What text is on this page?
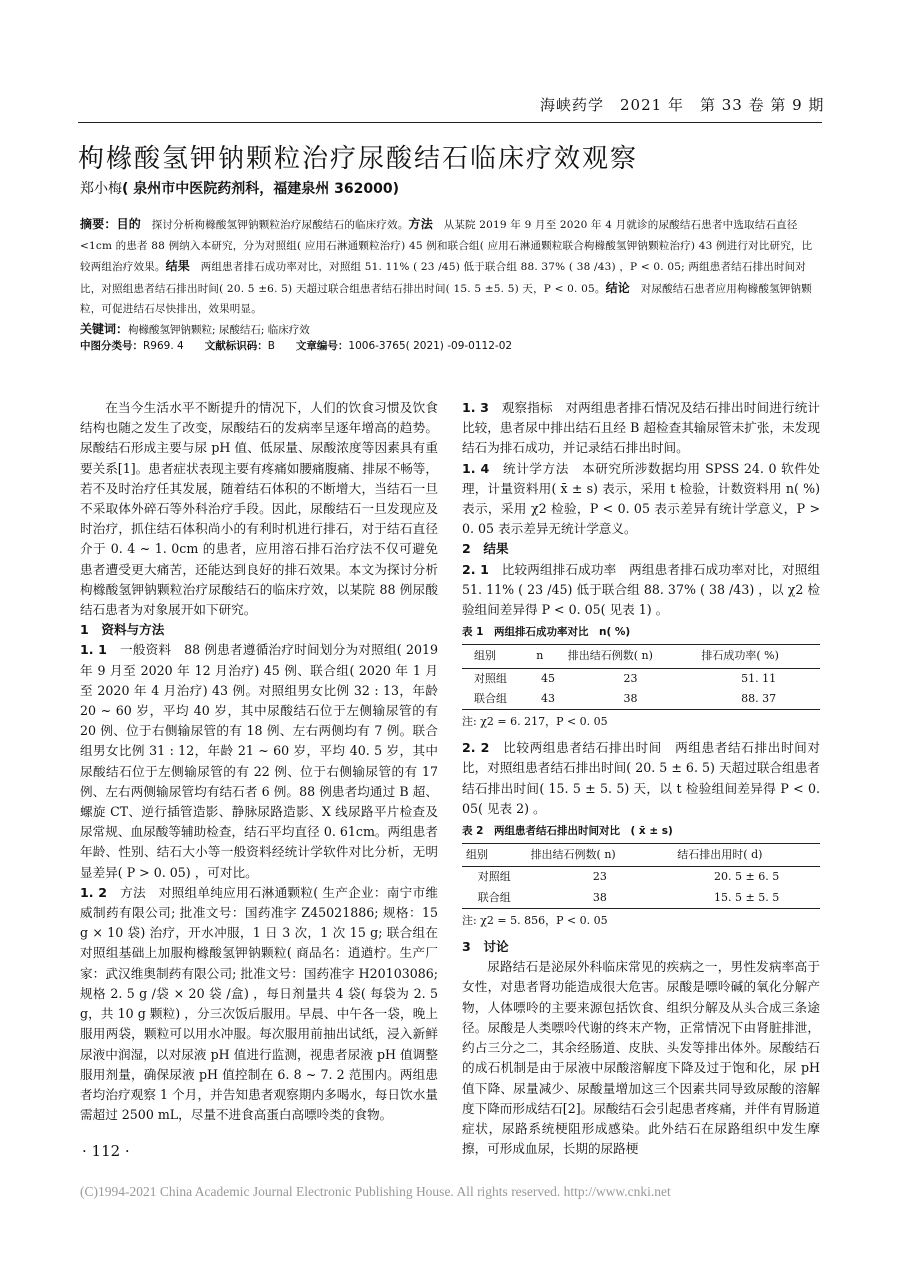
海峡药学　2021 年　第 33 卷 第 9 期
枸橼酸氢钾钠颗粒治疗尿酸结石临床疗效观察
郑小梅( 泉州市中医院药剂科，福建泉州 362000)
摘要：目的　 探讨分析枸橼酸氢钾钠颗粒治疗尿酸结石的临床疗效。方法　 从某院 2019 年 9 月至 2020 年 4 月就诊的尿酸结石患者中选取结石直径 <1cm 的患者 88 例纳入本研究，分为对照组( 应用石淋通颗粒治疗) 45 例和联合组( 应用石淋通颗粒联合枸橼酸氢钾钠颗粒治疗) 43 例进行对比研究，比较两组治疗效果。结果　 两组患者排石成功率对比，对照组 51. 11% ( 23 /45) 低于联合组 88. 37% ( 38 /43) ，P < 0. 05; 两组患者结石排出时间对比，对照组患者结石排出时间( 20. 5 ±6. 5) 天超过联合组患者结石排出时间( 15. 5 ±5. 5) 天，P < 0. 05。结论　 对尿酸结石患者应用枸橼酸氢钾钠颗粒，可促进结石尽快排出，效果明显。
关键词：枸橼酸氢钾钠颗粒; 尿酸结石; 临床疗效
中图分类号：R969. 4　　 文献标识码：B　　 文章编号：1006-3765( 2021) -09-0112-02

在当今生活水平不断提升的情况下，人们的饮食习惯及饮食结构也随之发生了改变，尿酸结石的发病率呈逐年增高的趋势。尿酸结石形成主要与尿 pH 值、低尿量、尿酸浓度等因素具有重要关系[1]。患者症状表现主要有疼痛如腰痛腹痛、排尿不畅等，若不及时治疗任其发展，随着结石体积的不断增大，当结石一旦不采取体外碎石等外科治疗手段。因此，尿酸结石一旦发现应及时治疗，抓住结石体积尚小的有利时机进行排石，对于结石直径介于 0. 4 ~ 1. 0cm 的患者，应用溶石排石治疗法不仅可避免患者遭受更大痛苦，还能达到良好的排石效果。本文为探讨分析枸橼酸氢钾钠颗粒治疗尿酸结石的临床疗效，以某院 88 例尿酸结石患者为对象展开如下研究。

1　资料与方法

1. 1　 一般资料　 88 例患者遵循治疗时间划分为对照组( 2019 年 9 月至 2020 年 12 月治疗) 45 例、联合组( 2020 年 1 月至 2020 年 4 月治疗) 43 例。对照组男女比例 32 : 13，年龄 20 ~ 60 岁，平均 40 岁，其中尿酸结石位于左侧输尿管的有 20 例、位于右侧输尿管的有 18 例、左右两侧均有 7 例。联合组男女比例 31 : 12，年龄 21 ~ 60 岁，平均 40. 5 岁，其中尿酸结石位于左侧输尿管的有 22 例、位于右侧输尿管的有 17 例、左右两侧输尿管均有结石者 6 例。88 例患者均通过 B 超、螺旋 CT、逆行插管造影、静脉尿路造影、X 线尿路平片检查及尿常规、血尿酸等辅助检查，结石平均直径 0. 61cm。两组患者年龄、性别、结石大小等一般资料经统计学软件对比分析，无明显差异( P > 0. 05) ，可对比。

1. 2　 方法　 对照组单纯应用石淋通颗粒( 生产企业：南宁市维威制药有限公司; 批准文号：国药准字 Z45021886; 规格：15 g × 10 袋) 治疗，开水冲服，1 日 3 次，1 次 15 g; 联合组在对照组基础上加服枸橼酸氢钾钠颗粒( 商品名：逍遒柠。生产厂家：武汉维奥制药有限公司; 批准文号：国药准字 H20103086; 规格 2. 5 g /袋 × 20 袋 /盒) ，每日剂量共 4 袋( 每袋为 2. 5 g，共 10 g 颗粒) ，分三次饭后服用。早晨、中午各一袋，晚上服用两袋，颗粒可以用水冲服。每次服用前抽出试纸，浸入新鲜尿液中润湿，以对尿液 pH 值进行监测，视患者尿液 pH 值调整服用剂量，确保尿液 pH 值控制在 6. 8 ~ 7. 2 范围内。两组患者均治疗观察 1 个月，并告知患者观察期内多喝水，每日饮水量需超过 2500 mL，尽量不进食高蛋白高嘌呤类的食物。

1. 3　 观察指标　 对两组患者排石情况及结石排出时间进行统计比较，患者尿中排出结石且经 B 超检查其输尿管未扩张，未发现结石为排石成功，并记录结石排出时间。

1. 4　 统计学方法　 本研究所涉数据均用 SPSS 24. 0 软件处理，计量资料用( x̄ ± s) 表示，采用 t 检验，计数资料用 n( %) 表示，采用 χ2 检验，P < 0. 05 表示差异有统计学意义，P > 0. 05 表示差异无统计学意义。

2　结果

2. 1　 比较两组排石成功率　 两组患者排石成功率对比，对照组 51. 11% ( 23 /45) 低于联合组 88. 37% ( 38 /43) ，以 χ2 检验组间差异得 P < 0. 05( 见表 1) 。

表 1　 两组排石成功率对比　n( %)
组别	n	排出结石例数( n)	排石成功率( %)
对照组	45	23	51. 11
联合组	43	38	88. 37
注: χ2 = 6. 217，P < 0. 05

2. 2　 比较两组患者结石排出时间　 两组患者结石排出时间对比，对照组患者结石排出时间( 20. 5 ± 6. 5) 天超过联合组患者结石排出时间( 15. 5 ± 5. 5) 天，以 t 检验组间差异得 P < 0. 05( 见表 2) 。

表 2　 两组患者结石排出时间对比　( x̄ ± s)
组别	排出结石例数( n)	结石排出用时( d)
对照组	23	20. 5 ± 6. 5
联合组	38	15. 5 ± 5. 5
注: χ2 = 5. 856，P < 0. 05

3　讨论

尿路结石是泌尿外科临床常见的疾病之一，男性发病率高于女性，对患者肾功能造成很大危害。尿酸是嘌呤碱的氧化分解产物，人体嘌呤的主要来源包括饮食、组织分解及从头合成三条途径。尿酸是人类嘌呤代谢的终末产物，正常情况下由肾脏排泄，约占三分之二，其余经肠道、皮肤、头发等排出体外。尿酸结石的成石机制是由于尿液中尿酸溶解度下降及过于饱和化，尿 pH 值下降、尿量减少、尿酸量增加这三个因素共同导致尿酸的溶解度下降而形成结石[2]。尿酸结石会引起患者疼痛，并伴有胃肠道症状，尿路系统梗阻形成感染。此外结石在尿路组织中发生摩擦，可形成血尿，长期的尿路梗

· 112 ·
(C)1994-2021 China Academic Journal Electronic Publishing House. All rights reserved. http://www.cnki.net
